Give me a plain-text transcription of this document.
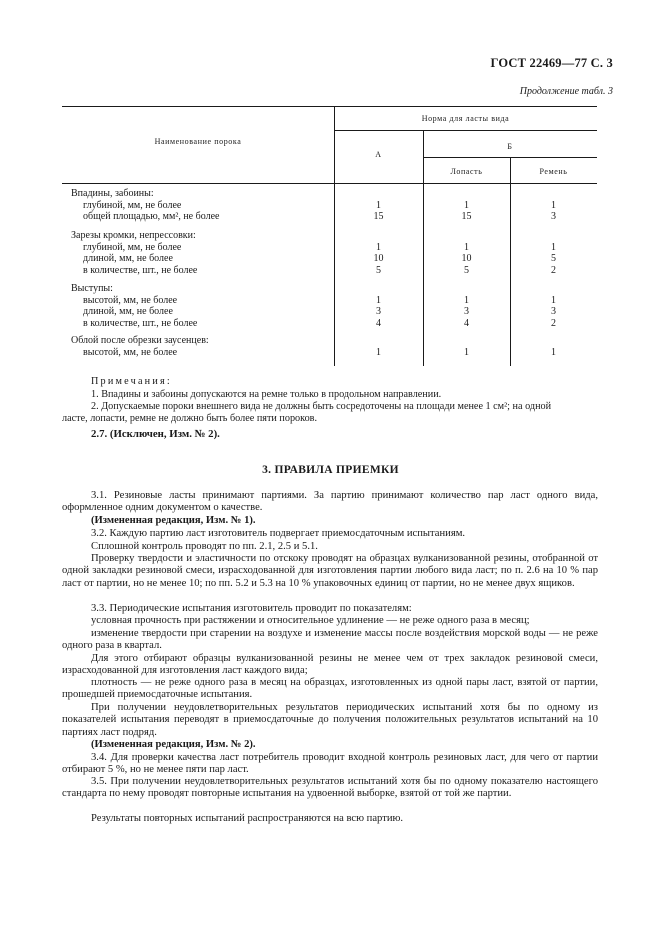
ГОСТ 22469—77 С. 3
Продолжение табл. 3
Наименование порока
Норма для ласты вида
А
Б
Лопасть	Ремень
Впадины, забоины:
глубиной, мм, не более	1	1	1
общей площадью, мм², не более	15	15	3
Зарезы кромки, непрессовки:
глубиной, мм, не более	1	1	1
длиной, мм, не более	10	10	5
в количестве, шт., не более	5	5	2
Выступы:
высотой, мм, не более	1	1	1
длиной, мм, не более	3	3	3
в количестве, шт., не более	4	4	2
Облой после обрезки заусенцев:
высотой, мм, не более	1	1	1
Примечания:
1. Впадины и забоины допускаются на ремне только в продольном направлении.
2. Допускаемые пороки внешнего вида не должны быть сосредоточены на площади менее 1 см²; на одной
ласте, лопасти, ремне не должно быть более пяти пороков.
2.7. (Исключен, Изм. № 2).
3. ПРАВИЛА ПРИЕМКИ
3.1. Резиновые ласты принимают партиями. За партию принимают количество пар ласт одного вида, оформленное одним документом о качестве.
(Измененная редакция, Изм. № 1).
3.2. Каждую партию ласт изготовитель подвергает приемосдаточным испытаниям.
Сплошной контроль проводят по пп. 2.1, 2.5 и 5.1.
Проверку твердости и эластичности по отскоку проводят на образцах вулканизованной резины, отобранной от одной закладки резиновой смеси, израсходованной для изготовления партии любого вида ласт; по п. 2.6 на 10 % пар ласт от партии, но не менее 10; по пп. 5.2 и 5.3 на 10 % упаковочных единиц от партии, но не менее двух ящиков.
3.3. Периодические испытания изготовитель проводит по показателям:
условная прочность при растяжении и относительное удлинение — не реже одного раза в месяц;
изменение твердости при старении на воздухе и изменение массы после воздействия морской воды — не реже одного раза в квартал.
Для этого отбирают образцы вулканизованной резины не менее чем от трех закладок резиновой смеси, израсходованной для изготовления ласт каждого вида;
плотность — не реже одного раза в месяц на образцах, изготовленных из одной пары ласт, взятой от партии, прошедшей приемосдаточные испытания.
При получении неудовлетворительных результатов периодических испытаний хотя бы по одному из показателей испытания переводят в приемосдаточные до получения положительных результатов испытаний на 10 партиях ласт подряд.
(Измененная редакция, Изм. № 2).
3.4. Для проверки качества ласт потребитель проводит входной контроль резиновых ласт, для чего от партии отбирают 5 %, но не менее пяти пар ласт.
3.5. При получении неудовлетворительных результатов испытаний хотя бы по одному показателю настоящего стандарта по нему проводят повторные испытания на удвоенной выборке, взятой от той же партии.
Результаты повторных испытаний распространяются на всю партию.
